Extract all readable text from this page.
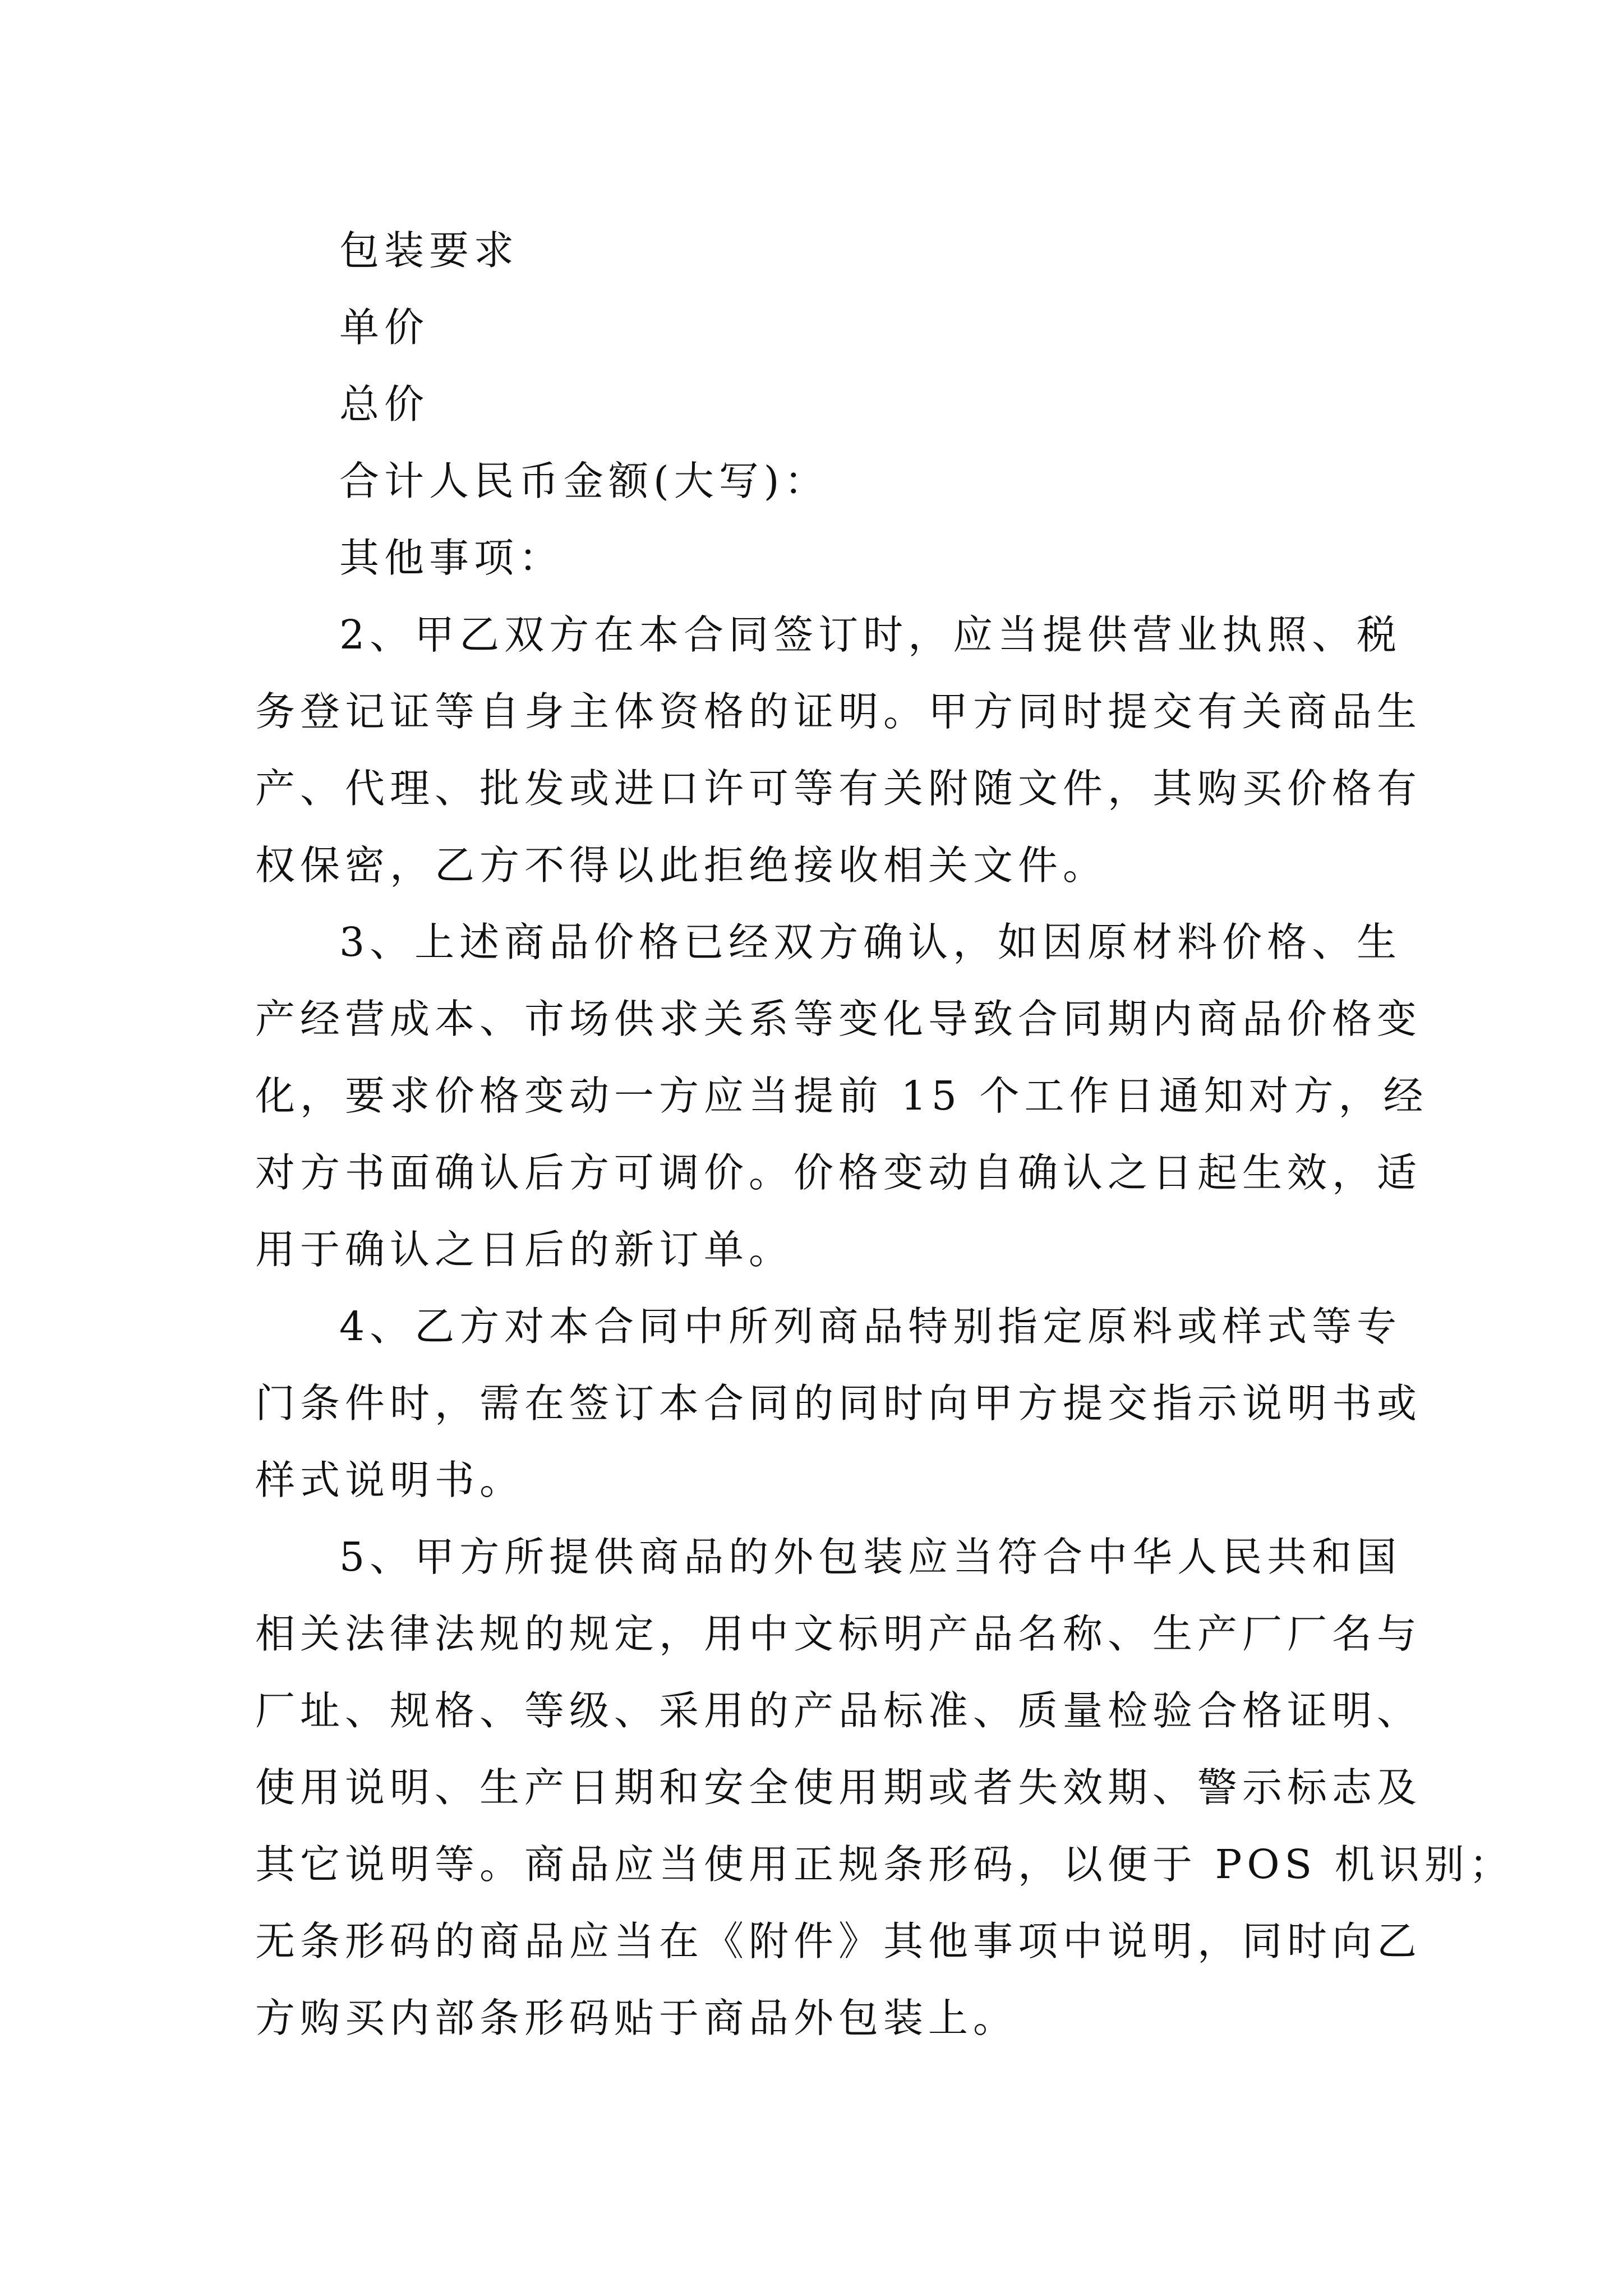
包装要求

单价

总价

合计人民币金额(大写)：

其他事项：

2、甲乙双方在本合同签订时，应当提供营业执照、税

务登记证等自身主体资格的证明。甲方同时提交有关商品生

产、代理、批发或进口许可等有关附随文件，其购买价格有

权保密，乙方不得以此拒绝接收相关文件。

3、上述商品价格已经双方确认，如因原材料价格、生

产经营成本、市场供求关系等变化导致合同期内商品价格变

化，要求价格变动一方应当提前 15 个工作日通知对方，经

对方书面确认后方可调价。价格变动自确认之日起生效，适

用于确认之日后的新订单。

4、乙方对本合同中所列商品特别指定原料或样式等专

门条件时，需在签订本合同的同时向甲方提交指示说明书或

样式说明书。

5、甲方所提供商品的外包装应当符合中华人民共和国

相关法律法规的规定，用中文标明产品名称、生产厂厂名与

厂址、规格、等级、采用的产品标准、质量检验合格证明、

使用说明、生产日期和安全使用期或者失效期、警示标志及

其它说明等。商品应当使用正规条形码，以便于 POS 机识别；

无条形码的商品应当在《附件》其他事项中说明，同时向乙

方购买内部条形码贴于商品外包装上。
